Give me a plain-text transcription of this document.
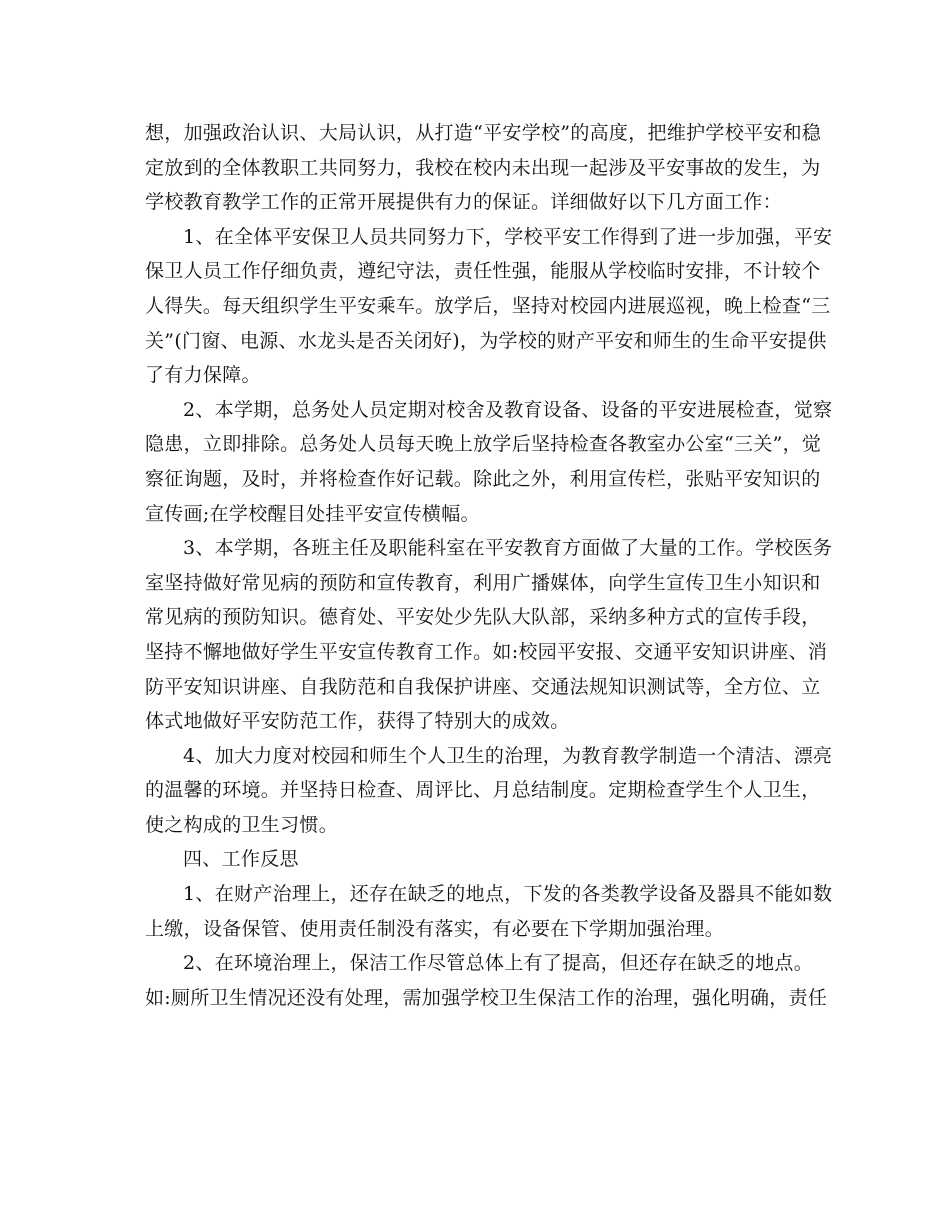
想，加强政治认识、大局认识，从打造“平安学校”的高度，把维护学校平安和稳
定放到的全体教职工共同努力，我校在校内未出现一起涉及平安事故的发生，为
学校教育教学工作的正常开展提供有力的保证。详细做好以下几方面工作：
1、在全体平安保卫人员共同努力下，学校平安工作得到了进一步加强，平安
保卫人员工作仔细负责，遵纪守法，责任性强，能服从学校临时安排，不计较个
人得失。每天组织学生平安乘车。放学后，坚持对校园内进展巡视，晚上检查“三
关”(门窗、电源、水龙头是否关闭好)，为学校的财产平安和师生的生命平安提供
了有力保障。
2、本学期，总务处人员定期对校舍及教育设备、设备的平安进展检查，觉察
隐患，立即排除。总务处人员每天晚上放学后坚持检查各教室办公室“三关”，觉
察征询题，及时，并将检查作好记载。除此之外，利用宣传栏，张贴平安知识的
宣传画;在学校醒目处挂平安宣传横幅。
3、本学期，各班主任及职能科室在平安教育方面做了大量的工作。学校医务
室坚持做好常见病的预防和宣传教育，利用广播媒体，向学生宣传卫生小知识和
常见病的预防知识。德育处、平安处少先队大队部，采纳多种方式的宣传手段，
坚持不懈地做好学生平安宣传教育工作。如:校园平安报、交通平安知识讲座、消
防平安知识讲座、自我防范和自我保护讲座、交通法规知识测试等，全方位、立
体式地做好平安防范工作，获得了特别大的成效。
4、加大力度对校园和师生个人卫生的治理，为教育教学制造一个清洁、漂亮
的温馨的环境。并坚持日检查、周评比、月总结制度。定期检查学生个人卫生，
使之构成的卫生习惯。
四、工作反思
1、在财产治理上，还存在缺乏的地点，下发的各类教学设备及器具不能如数
上缴，设备保管、使用责任制没有落实，有必要在下学期加强治理。
2、在环境治理上，保洁工作尽管总体上有了提高，但还存在缺乏的地点。
如:厕所卫生情况还没有处理，需加强学校卫生保洁工作的治理，强化明确，责任
